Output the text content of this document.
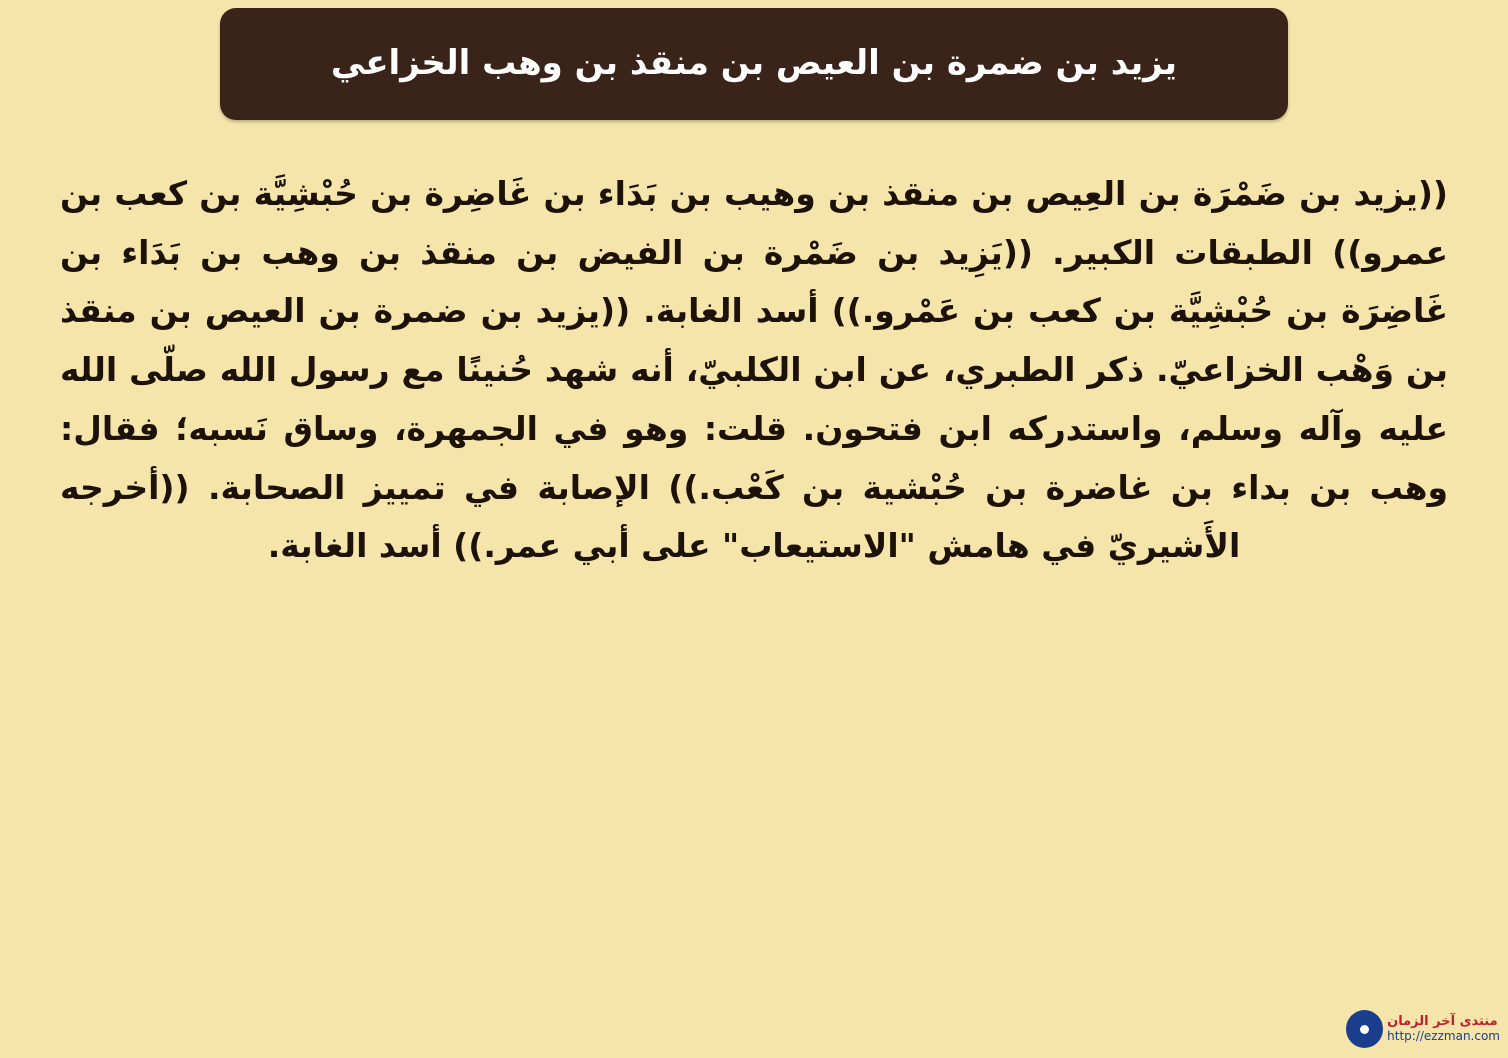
يزيد بن ضمرة بن العيص بن منقذ بن وهب الخزاعي

((يزيد بن ضَمْرَة بن العِيص بن منقذ بن وهيب بن بَدَاء بن غَاضِرة بن حُبْشِيَّة بن كعب بن عمرو)) الطبقات الكبير. ((يَزِيد بن ضَمْرة بن الفيض بن منقذ بن وهب بن بَدَاء بن غَاضِرَة بن حُبْشِيَّة بن كعب بن عَمْرو.)) أسد الغابة. ((يزيد بن ضمرة بن العيص بن منقذ بن وَهْب الخزاعيّ. ذكر الطبري، عن ابن الكلبيّ، أنه شهد حُنينًا مع رسول الله صلّى الله عليه وآله وسلم، واستدركه ابن فتحون. قلت: وهو في الجمهرة، وساق نَسبه؛ فقال: وهب بن بداء بن غاضرة بن حُبْشية بن كَعْب.)) الإصابة في تمييز الصحابة. ((أخرجه الأَشيريّ في هامش "الاستيعاب" على أبي عمر.)) أسد الغابة.

منتدى آخر الزمان
http://ezzman.com
